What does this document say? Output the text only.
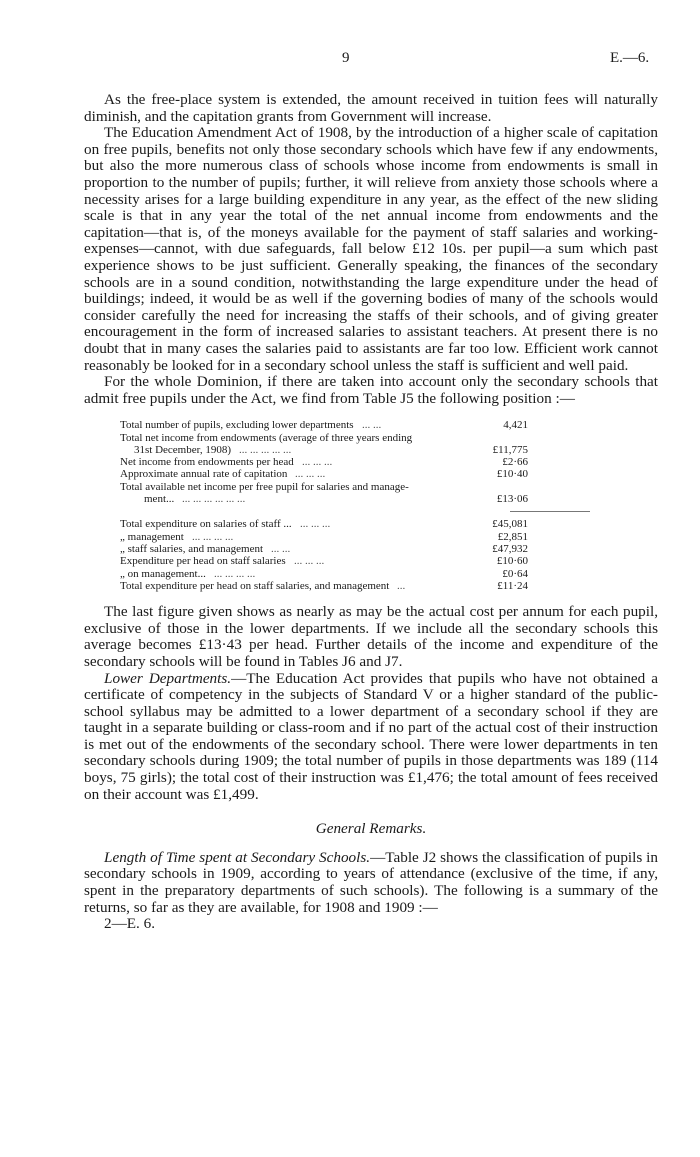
9	E.—6.

As the free-place system is extended, the amount received in tuition fees will naturally diminish, and the capitation grants from Government will increase.

The Education Amendment Act of 1908, by the introduction of a higher scale of capitation on free pupils, benefits not only those secondary schools which have few if any endowments, but also the more numerous class of schools whose income from endowments is small in proportion to the number of pupils; further, it will relieve from anxiety those schools where a necessity arises for a large building expenditure in any year, as the effect of the new sliding scale is that in any year the total of the net annual income from endowments and the capitation—that is, of the moneys available for the payment of staff salaries and working-expenses—cannot, with due safeguards, fall below £12 10s. per pupil—a sum which past experience shows to be just sufficient. Generally speaking, the finances of the secondary schools are in a sound condition, notwithstanding the large expenditure under the head of buildings; indeed, it would be as well if the governing bodies of many of the schools would consider carefully the need for increasing the staffs of their schools, and of giving greater encouragement in the form of increased salaries to assistant teachers. At present there is no doubt that in many cases the salaries paid to assistants are far too low. Efficient work cannot reasonably be looked for in a secondary school unless the staff is sufficient and well paid.

For the whole Dominion, if there are taken into account only the secondary schools that admit free pupils under the Act, we find from Table J5 the following position :—

Total number of pupils, excluding lower departments ... ...	4,421
Total net income from endowments (average of three years ending
31st December, 1908) ... ... ... ... ...	£11,775
Net income from endowments per head ... ... ...	£2·66
Approximate annual rate of capitation ... ... ...	£10·40
Total available net income per free pupil for salaries and manage-
ment... ... ... ... ... ... ...	£13·06
Total expenditure on salaries of staff ... ... ... ...	£45,081
„ management ... ... ... ...	£2,851
„ staff salaries, and management ... ...	£47,932
Expenditure per head on staff salaries ... ... ...	£10·60
„ on management... ... ... ... ...	£0·64
Total expenditure per head on staff salaries, and management ...	£11·24

The last figure given shows as nearly as may be the actual cost per annum for each pupil, exclusive of those in the lower departments. If we include all the secondary schools this average becomes £13·43 per head. Further details of the income and expenditure of the secondary schools will be found in Tables J6 and J7.

Lower Departments.—The Education Act provides that pupils who have not obtained a certificate of competency in the subjects of Standard V or a higher standard of the public-school syllabus may be admitted to a lower department of a secondary school if they are taught in a separate building or class-room and if no part of the actual cost of their instruction is met out of the endowments of the secondary school. There were lower departments in ten secondary schools during 1909; the total number of pupils in those departments was 189 (114 boys, 75 girls); the total cost of their instruction was £1,476; the total amount of fees received on their account was £1,499.

General Remarks.

Length of Time spent at Secondary Schools.—Table J2 shows the classification of pupils in secondary schools in 1909, according to years of attendance (exclusive of the time, if any, spent in the preparatory departments of such schools). The following is a summary of the returns, so far as they are available, for 1908 and 1909 :—

2—E. 6.
